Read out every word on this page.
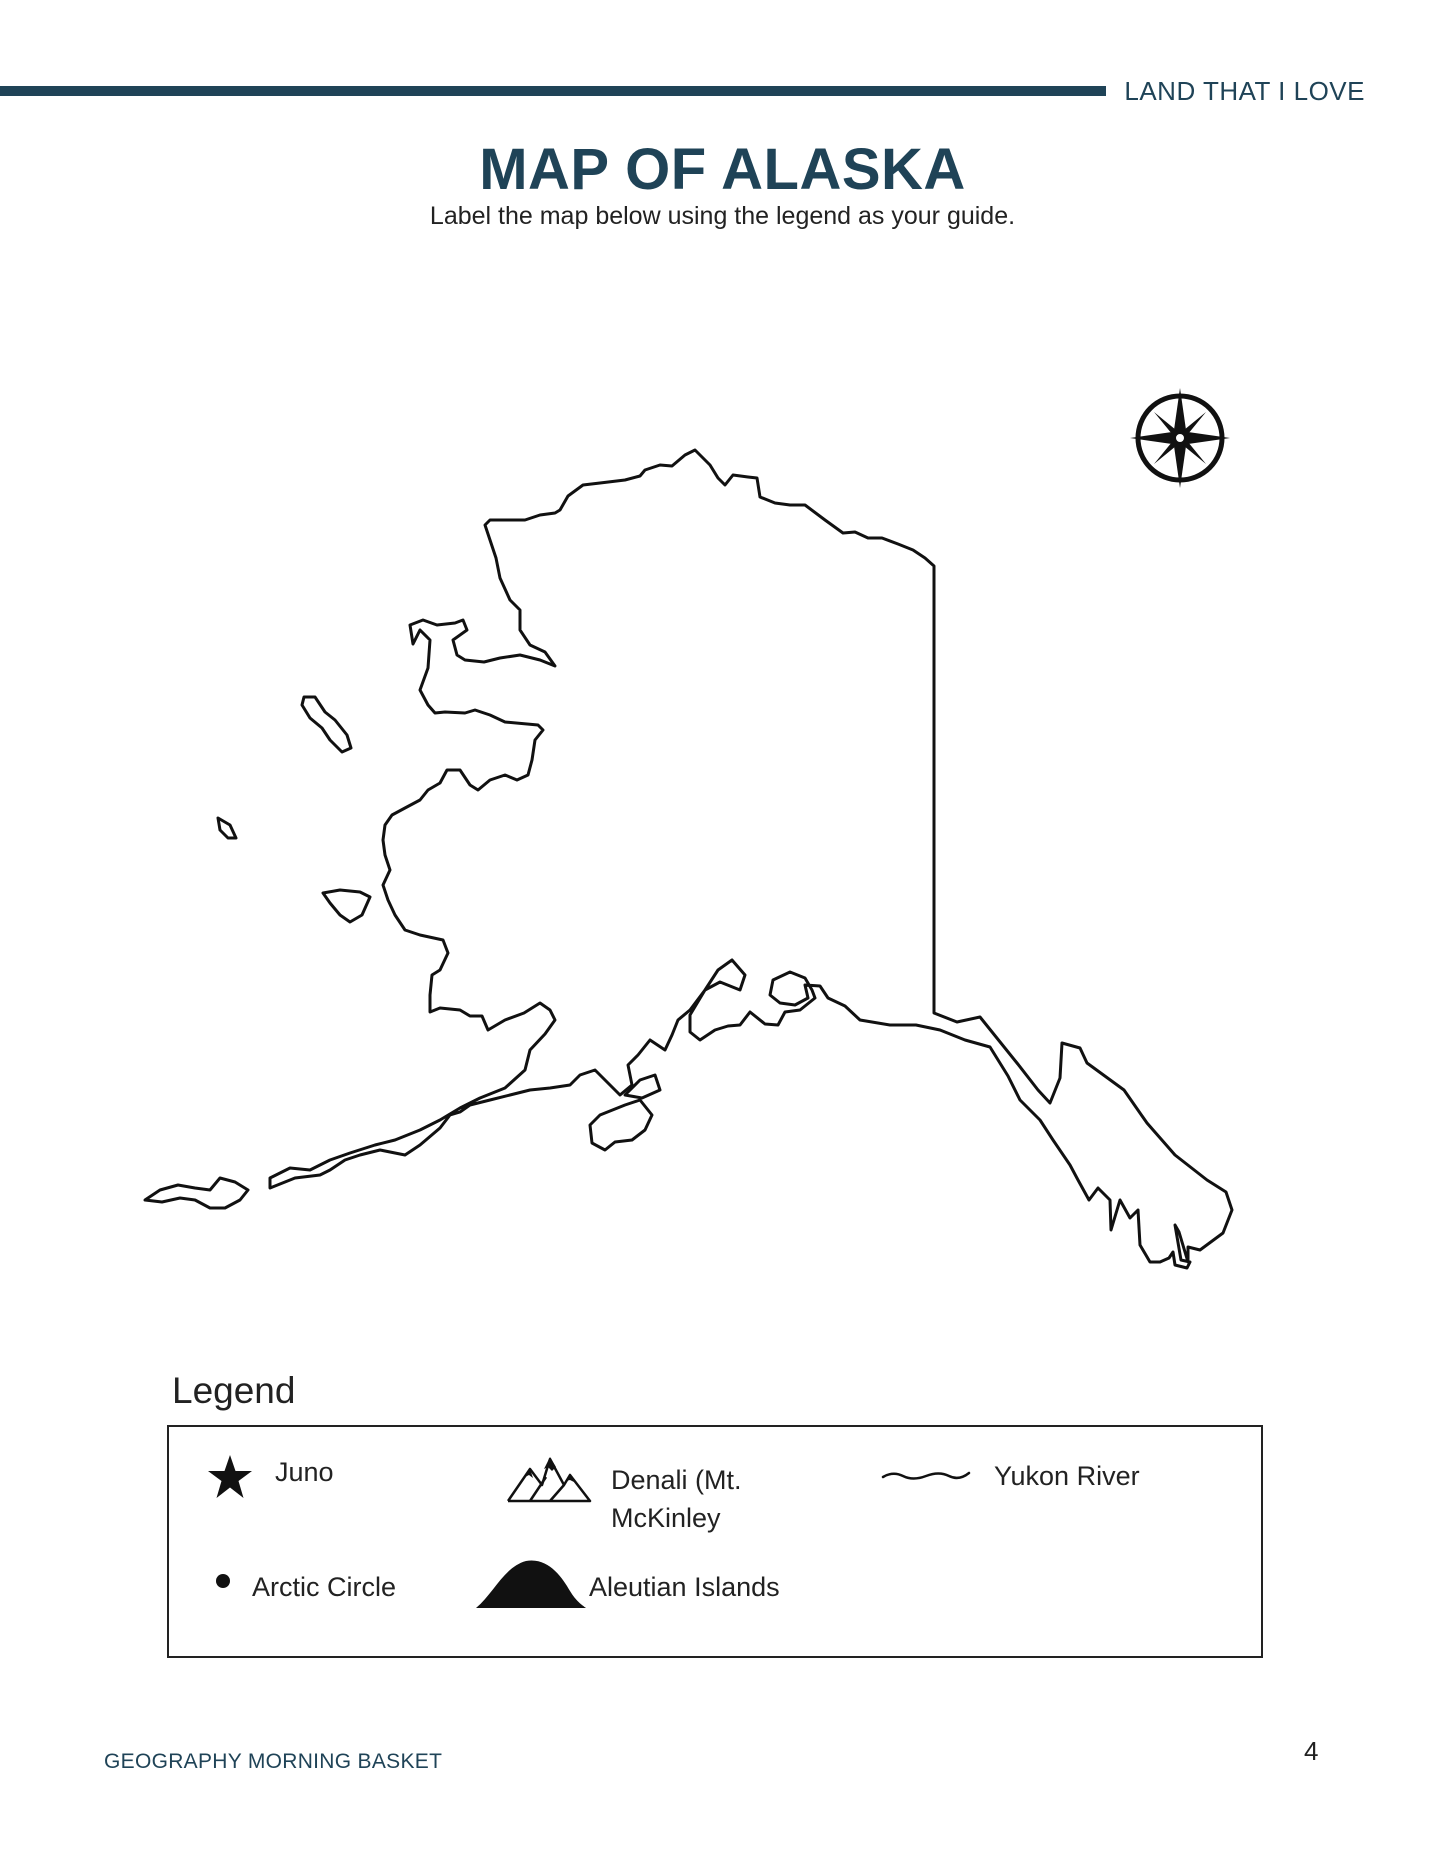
LAND THAT I LOVE
MAP OF ALASKA
Label the map below using the legend as your guide.
Legend
Juno	Denali (Mt.
McKinley
Yukon River
Arctic Circle	Aleutian Islands
GEOGRAPHY MORNING BASKET	4
